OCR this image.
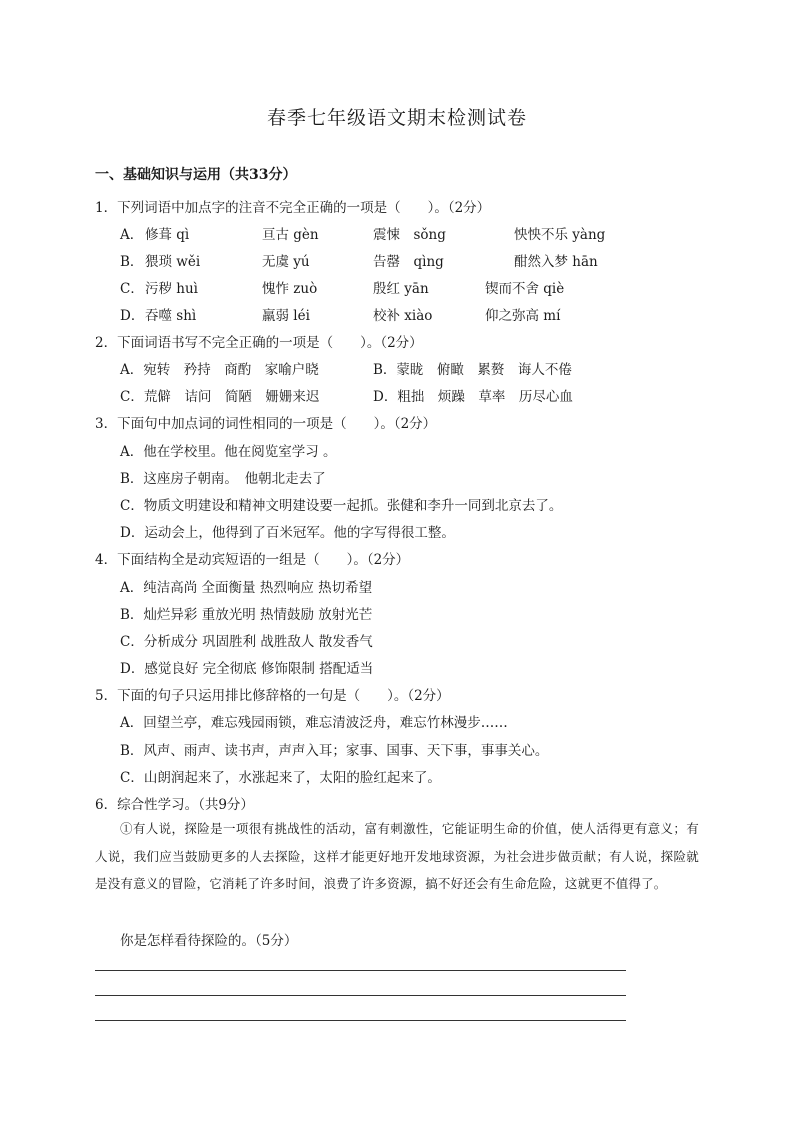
春季七年级语文期末检测试卷
一、基础知识与运用（共33分）
1．下列词语中加点字的注音不完全正确的一项是（　　）。（2分）
A． 修葺 qì	亘古 gèn	震悚　sǒng	怏怏不乐 yàng
B． 猥琐 wěi	无虞 yú	告罄　qìng	酣然入梦 hān
C． 污秽 huì	愧怍 zuò	殷红 yān	锲而不舍 qiè
D． 吞噬 shì	羸弱 léi	校补 xiào	仰之弥高 mí
2．下面词语书写不完全正确的一项是（　　）。（2分）
A．宛转　矜持　商酌　家喻户晓	B．蒙眬　俯瞰　累赘　诲人不倦
C．荒僻　诘问　简陋　姗姗来迟	D．粗拙　烦躁　草率　历尽心血
3．下面句中加点词的词性相同的一项是（　　）。（2分）
A．他在学校里。他在阅览室学习 。
B．这座房子朝南。　他朝北走去了
C．物质文明建设和精神文明建设要一起抓。张健和李升一同到北京去了。
D．运动会上，他得到了百米冠军。他的字写得很工整。
4．下面结构全是动宾短语的一组是（　　）。（2分）
A．纯洁高尚 全面衡量 热烈响应 热切希望
B．灿烂异彩 重放光明 热情鼓励 放射光芒
C．分析成分 巩固胜利 战胜敌人 散发香气
D．感觉良好 完全彻底 修饰限制 搭配适当
5．下面的句子只运用排比修辞格的一句是（　　）。（2分）
A．回望兰亭，难忘残园雨锁，难忘清波泛舟，难忘竹林漫步……
B．风声、雨声、读书声，声声入耳；家事、国事、天下事，事事关心。
C．山朗润起来了，水涨起来了，太阳的脸红起来了。
6．综合性学习。（共9分）
①有人说，探险是一项很有挑战性的活动，富有刺激性，它能证明生命的价值，使人活得更有意义；有人说，我们应当鼓励更多的人去探险，这样才能更好地开发地球资源，为社会进步做贡献；有人说，探险就是没有意义的冒险，它消耗了许多时间，浪费了许多资源，搞不好还会有生命危险，这就更不值得了。
你是怎样看待探险的。（5分）
